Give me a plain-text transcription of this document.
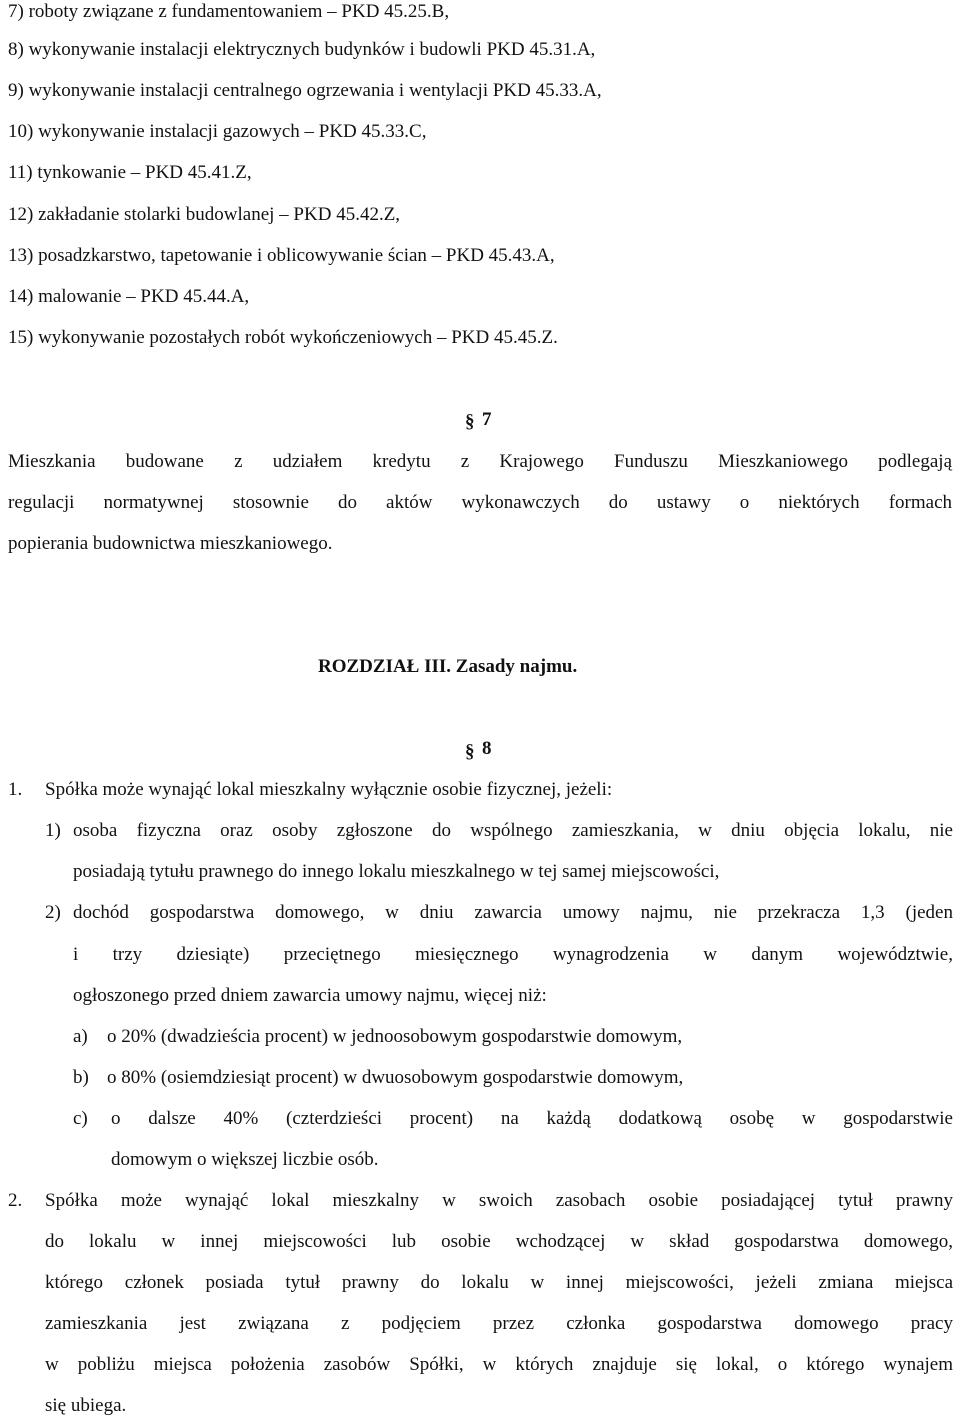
7) roboty związane z fundamentowaniem – PKD 45.25.B,
8) wykonywanie instalacji elektrycznych budynków i budowli PKD 45.31.A,
9) wykonywanie instalacji centralnego ogrzewania i wentylacji PKD 45.33.A,
10) wykonywanie instalacji gazowych – PKD 45.33.C,
11) tynkowanie – PKD 45.41.Z,
12) zakładanie stolarki budowlanej – PKD 45.42.Z,
13) posadzkarstwo, tapetowanie i oblicowywanie ścian – PKD 45.43.A,
14) malowanie – PKD 45.44.A,
15) wykonywanie pozostałych robót wykończeniowych – PKD 45.45.Z.
§ 7
Mieszkania budowane z udziałem kredytu z Krajowego Funduszu Mieszkaniowego podlegają
regulacji normatywnej stosownie do aktów wykonawczych do ustawy o niektórych formach
popierania budownictwa mieszkaniowego.
ROZDZIAŁ III. Zasady najmu.
§ 8
1. Spółka może wynająć lokal mieszkalny wyłącznie osobie fizycznej, jeżeli:
1) osoba fizyczna oraz osoby zgłoszone do wspólnego zamieszkania, w dniu objęcia lokalu, nie
posiadają tytułu prawnego do innego lokalu mieszkalnego w tej samej miejscowości,
2) dochód gospodarstwa domowego, w dniu zawarcia umowy najmu, nie przekracza 1,3 (jeden
i trzy dziesiąte) przeciętnego miesięcznego wynagrodzenia w danym województwie,
ogłoszonego przed dniem zawarcia umowy najmu, więcej niż:
a) o 20% (dwadzieścia procent) w jednoosobowym gospodarstwie domowym,
b) o 80% (osiemdziesiąt procent) w dwuosobowym gospodarstwie domowym,
c) o dalsze 40% (czterdzieści procent) na każdą dodatkową osobę w gospodarstwie
domowym o większej liczbie osób.
2. Spółka może wynająć lokal mieszkalny w swoich zasobach osobie posiadającej tytuł prawny
do lokalu w innej miejscowości lub osobie wchodzącej w skład gospodarstwa domowego,
którego członek posiada tytuł prawny do lokalu w innej miejscowości, jeżeli zmiana miejsca
zamieszkania jest związana z podjęciem przez członka gospodarstwa domowego pracy
w pobliżu miejsca położenia zasobów Spółki, w których znajduje się lokal, o którego wynajem
się ubiega.
